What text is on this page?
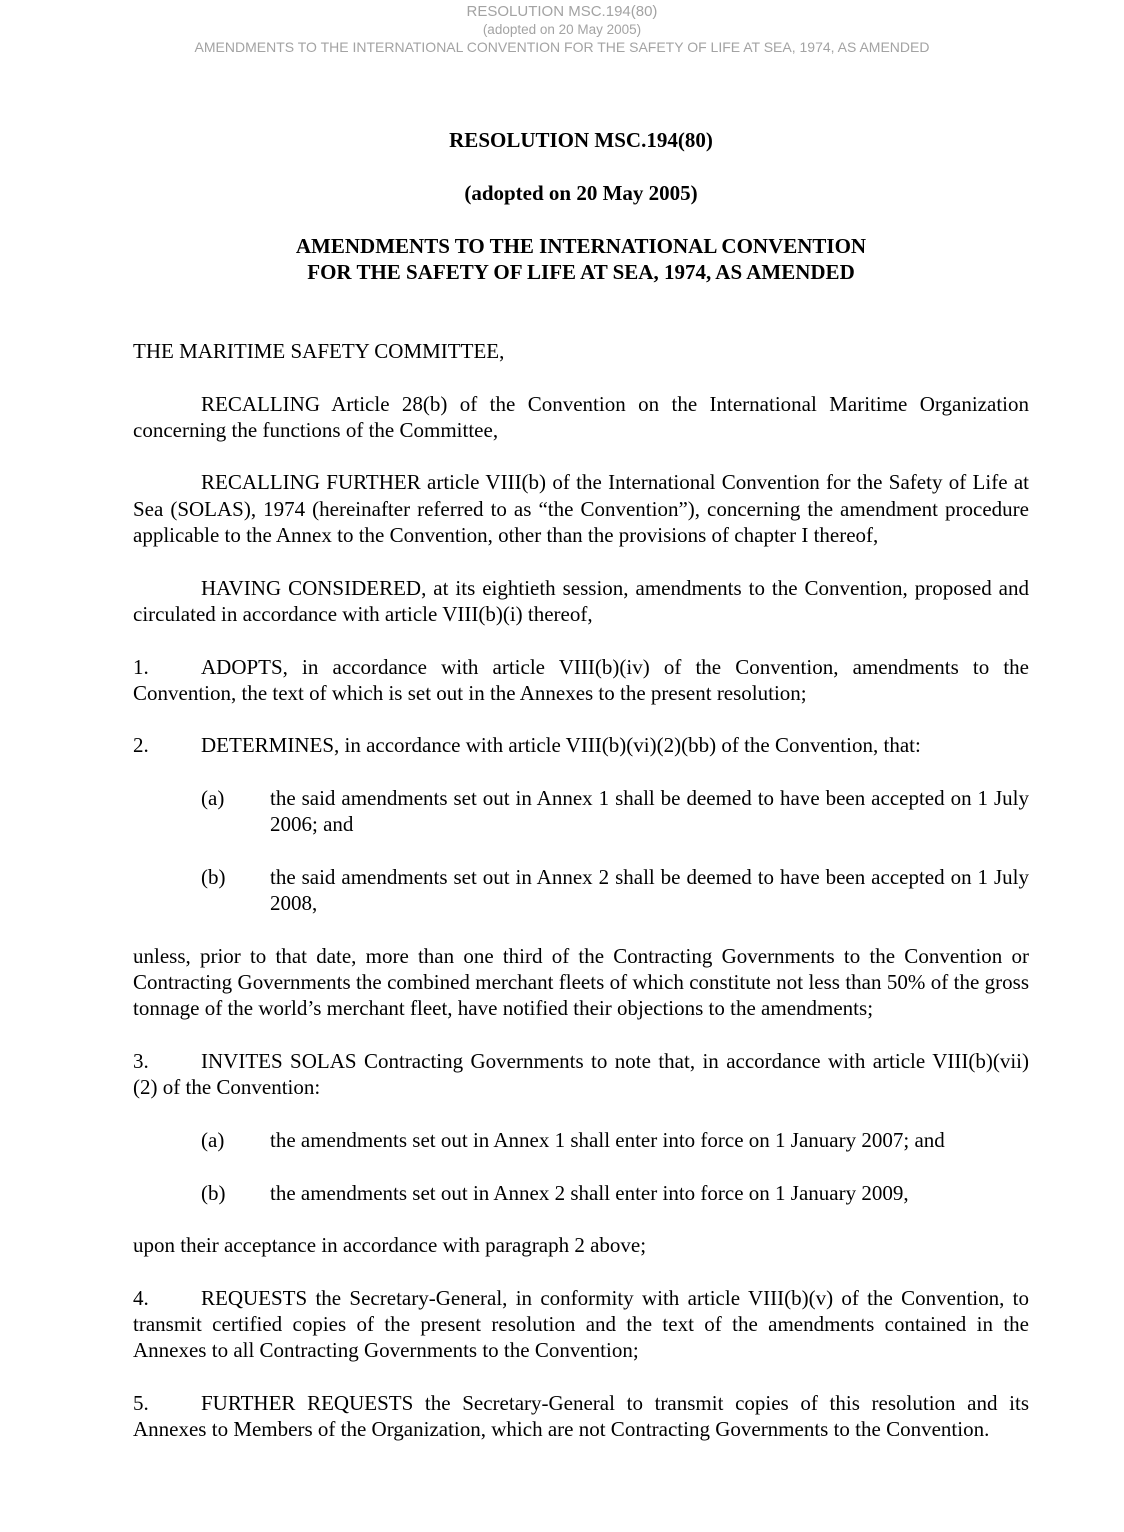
RESOLUTION MSC.194(80)
(adopted on 20 May 2005)
AMENDMENTS TO THE INTERNATIONAL CONVENTION FOR THE SAFETY OF LIFE AT SEA, 1974, AS AMENDED
RESOLUTION MSC.194(80)
(adopted on 20 May 2005)
AMENDMENTS TO THE INTERNATIONAL CONVENTION
FOR THE SAFETY OF LIFE AT SEA, 1974, AS AMENDED

THE MARITIME SAFETY COMMITTEE,

RECALLING Article 28(b) of the Convention on the International Maritime Organization concerning the functions of the Committee,

RECALLING FURTHER article VIII(b) of the International Convention for the Safety of Life at Sea (SOLAS), 1974 (hereinafter referred to as “the Convention”), concerning the amendment procedure applicable to the Annex to the Convention, other than the provisions of chapter I thereof,

HAVING CONSIDERED, at its eightieth session, amendments to the Convention, proposed and circulated in accordance with article VIII(b)(i) thereof,

1. ADOPTS, in accordance with article VIII(b)(iv) of the Convention, amendments to the Convention, the text of which is set out in the Annexes to the present resolution;

2. DETERMINES, in accordance with article VIII(b)(vi)(2)(bb) of the Convention, that:

(a)	the said amendments set out in Annex 1 shall be deemed to have been accepted on 1 July 2006; and
(b)	the said amendments set out in Annex 2 shall be deemed to have been accepted on 1 July 2008,

unless, prior to that date, more than one third of the Contracting Governments to the Convention or Contracting Governments the combined merchant fleets of which constitute not less than 50% of the gross tonnage of the world’s merchant fleet, have notified their objections to the amendments;

3. INVITES SOLAS Contracting Governments to note that, in accordance with article VIII(b)(vii)(2) of the Convention:

(a)	the amendments set out in Annex 1 shall enter into force on 1 January 2007; and
(b)	the amendments set out in Annex 2 shall enter into force on 1 January 2009,

upon their acceptance in accordance with paragraph 2 above;

4. REQUESTS the Secretary-General, in conformity with article VIII(b)(v) of the Convention, to transmit certified copies of the present resolution and the text of the amendments contained in the Annexes to all Contracting Governments to the Convention;

5. FURTHER REQUESTS the Secretary-General to transmit copies of this resolution and its Annexes to Members of the Organization, which are not Contracting Governments to the Convention.
